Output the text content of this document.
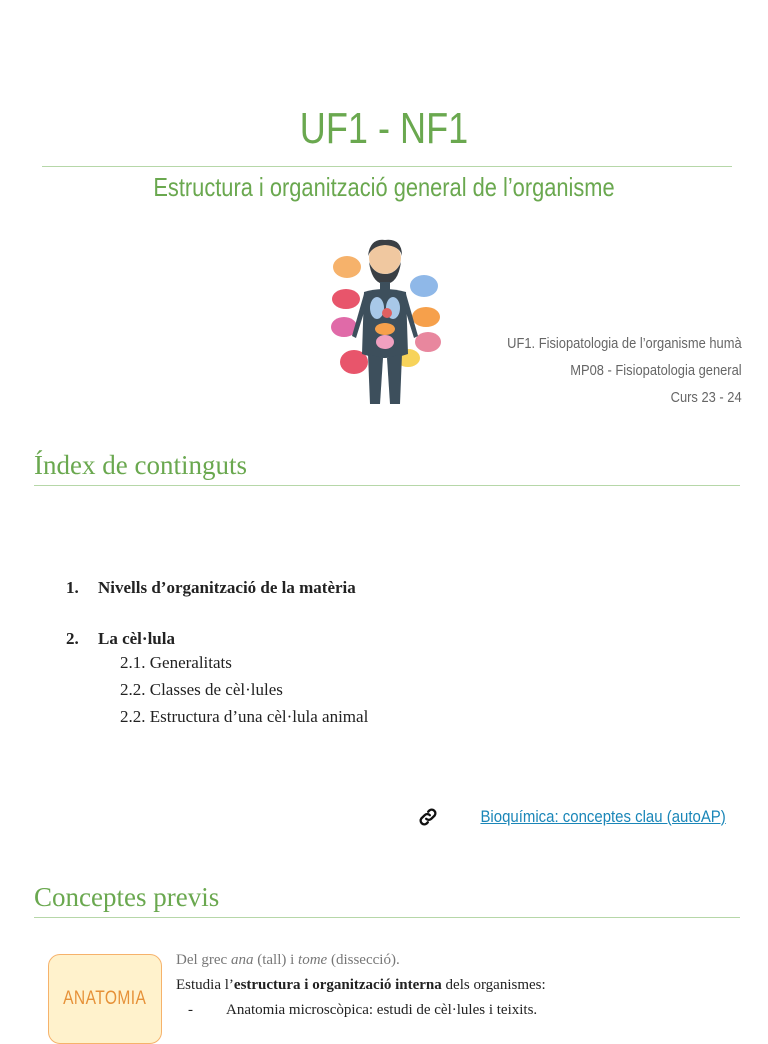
UF1 - NF1
Estructura i organització general de l’organisme
UF1. Fisiopatologia de l’organisme humà
MP08 - Fisiopatologia general
Curs 23 - 24
Índex de continguts
1.	Nivells d’organització de la matèria
2.	La cèl·lula
2.1. Generalitats
2.2. Classes de cèl·lules
2.2. Estructura d’una cèl·lula animal
Bioquímica: conceptes clau (autoAP)
Conceptes previs
ANATOMIA
Del grec ana (tall) i tome (dissecció).
Estudia l’estructura i organització interna dels organismes:
-	Anatomia microscòpica: estudi de cèl·lules i teixits.
